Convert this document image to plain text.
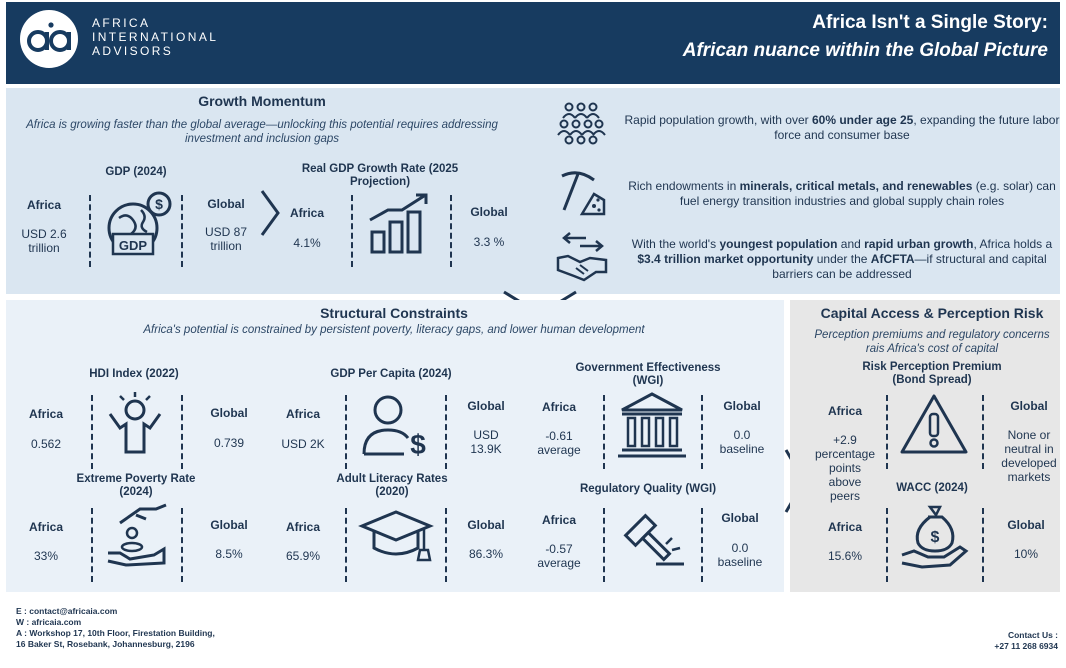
AFRICA
INTERNATIONAL
ADVISORS
Africa Isn't a Single Story:
African nuance within the Global Picture
Growth Momentum
Africa is growing faster than the global average—unlocking this potential requires addressing investment and inclusion gaps
GDP (2024)
Africa
USD 2.6 trillion
$
GDP
Global
USD 87 trillion
Real GDP Growth Rate (2025 Projection)
Africa
4.1%
Global
3.3 %
Rapid population growth, with over 60% under age 25, expanding the future labor force and consumer base
Rich endowments in minerals, critical metals, and renewables (e.g. solar) can fuel energy transition industries and global supply chain roles
With the world's youngest population and rapid urban growth, Africa holds a $3.4 trillion market opportunity under the AfCFTA—if structural and capital barriers can be addressed
Structural Constraints
Africa's potential is constrained by persistent poverty, literacy gaps, and lower human development
HDI Index (2022)
Africa
0.562
Global
0.739
GDP Per Capita (2024)
Africa
USD 2K	$
Global
USD 13.9K
Government Effectiveness (WGI)
Africa
-0.61 average
Global
0.0 baseline
Extreme Poverty Rate (2024)
Africa
33%
Global
8.5%
Adult Literacy Rates (2020)
Africa
65.9%
Global
86.3%
Regulatory Quality (WGI)
Africa
-0.57 average
Global
0.0 baseline
Capital Access & Perception Risk
Perception premiums and regulatory concerns rais Africa's cost of capital
Risk Perception Premium (Bond Spread)
Africa
+2.9 percentage points above peers
Global
None or neutral in developed markets
WACC (2024)
Africa
15.6%
$
Global
10%
E : contact@africaia.com
W : africaia.com
A : Workshop 17, 10th Floor, Firestation Building,
16 Baker St, Rosebank, Johannesburg, 2196
Contact Us :
+27 11 268 6934
